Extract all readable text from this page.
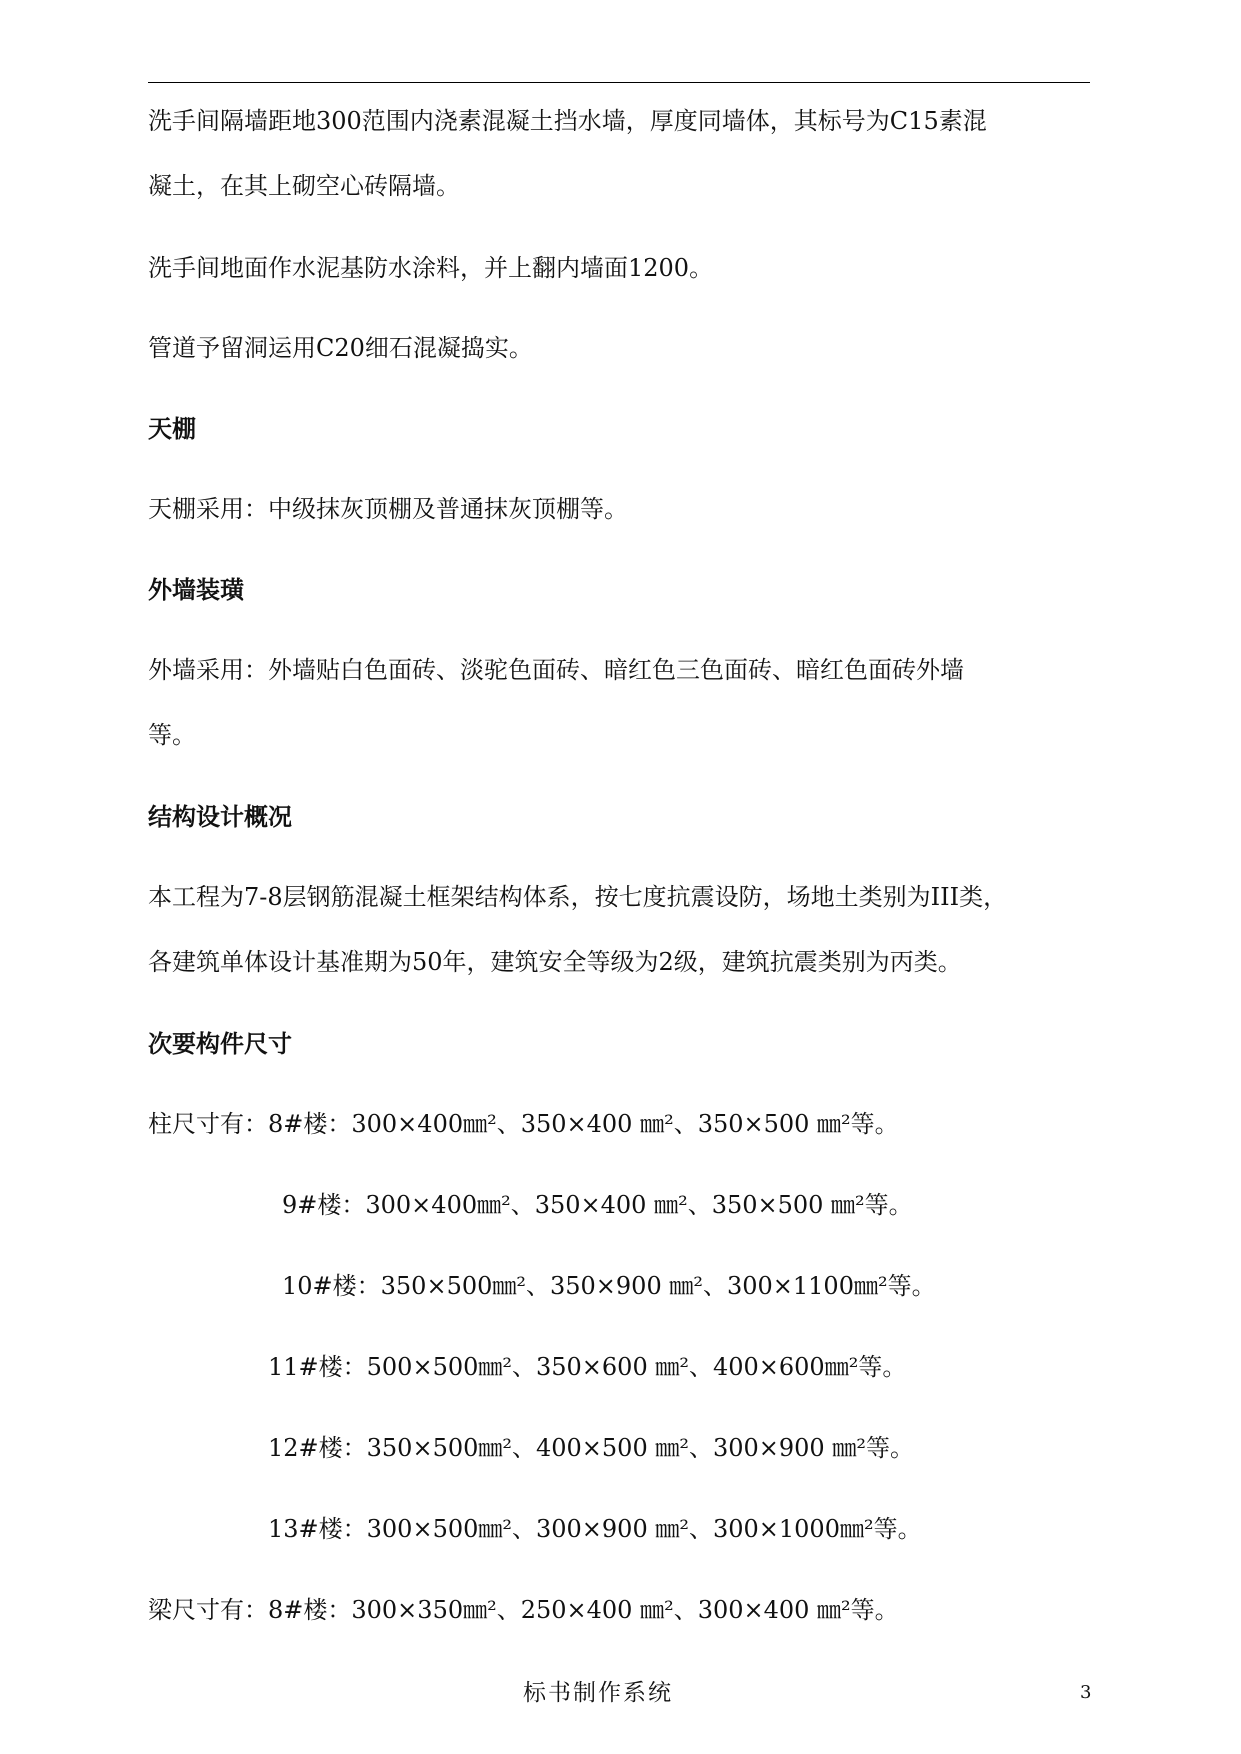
洗手间隔墙距地300范围内浇素混凝土挡水墙，厚度同墙体，其标号为C15素混
凝土，在其上砌空心砖隔墙。
洗手间地面作水泥基防水涂料，并上翻内墙面1200。
管道予留洞运用C20细石混凝捣实。
天棚
天棚采用：中级抹灰顶棚及普通抹灰顶棚等。
外墙装璜
外墙采用：外墙贴白色面砖、淡驼色面砖、暗红色三色面砖、暗红色面砖外墙
等。
结构设计概况
本工程为7-8层钢筋混凝土框架结构体系，按七度抗震设防，场地土类别为III类，
各建筑单体设计基准期为50年，建筑安全等级为2级，建筑抗震类别为丙类。
次要构件尺寸
柱尺寸有：8#楼：300×400㎜²、350×400 ㎜²、350×500 ㎜²等。
9#楼：300×400㎜²、350×400 ㎜²、350×500 ㎜²等。
10#楼：350×500㎜²、350×900 ㎜²、300×1100㎜²等。
11#楼：500×500㎜²、350×600 ㎜²、400×600㎜²等。
12#楼：350×500㎜²、400×500 ㎜²、300×900 ㎜²等。
13#楼：300×500㎜²、300×900 ㎜²、300×1000㎜²等。
梁尺寸有：8#楼：300×350㎜²、250×400 ㎜²、300×400 ㎜²等。
标书制作系统	3
